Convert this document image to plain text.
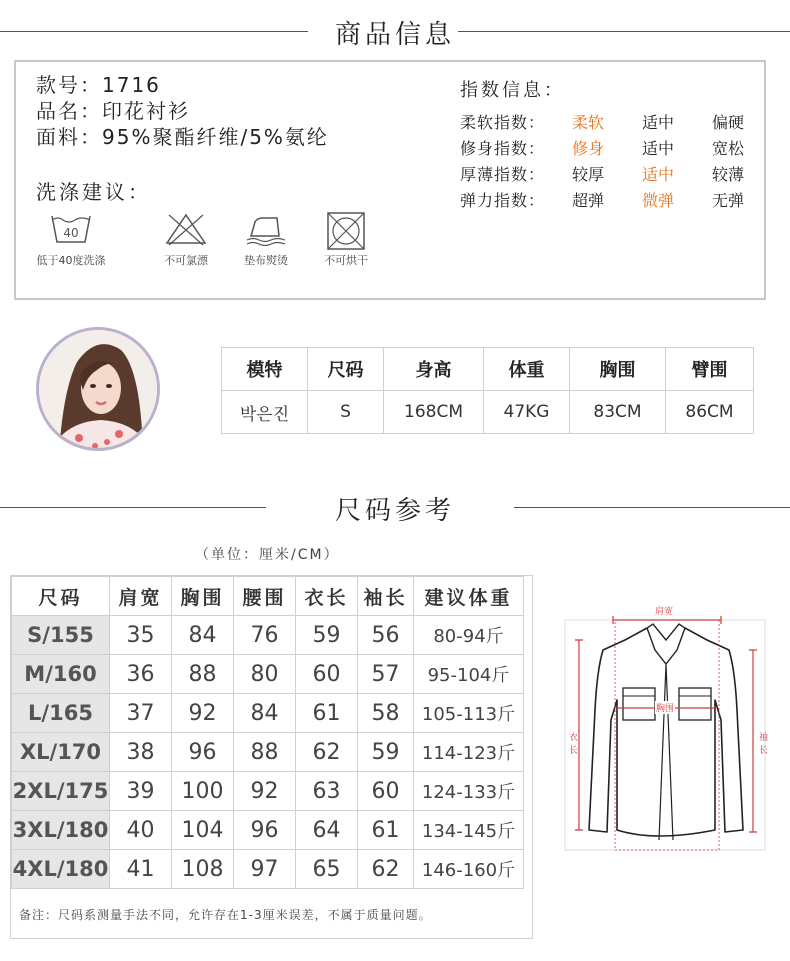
商品信息
款号：1716
品名：印花衬衫
面料：95%聚酯纤维/5%氨纶
洗涤建议：
40
低于40度洗涤	不可氯漂	垫布熨烫	不可烘干
指数信息：
柔软指数：	柔软	适中	偏硬
修身指数：	修身	适中	宽松
厚薄指数：	较厚	适中	较薄
弹力指数：	超弹	微弹	无弹
模特	尺码	身高	体重	胸围	臂围
박은진	S	168CM	47KG	83CM	86CM
尺码参考
（单位：厘米/CM）
尺码	肩宽	胸围	腰围	衣长	袖长	建议体重
S/155	35	84	76	59	56	80-94斤
M/160	36	88	80	60	57	95-104斤
L/165	37	92	84	61	58	105-113斤
XL/170	38	96	88	62	59	114-123斤
2XL/175	39	100	92	63	60	124-133斤
3XL/180	40	104	96	64	61	134-145斤
4XL/180	41	108	97	65	62	146-160斤
备注：尺码系测量手法不同，允许存在1-3厘米误差，不属于质量问题。
肩宽
胸围
衣
长
袖
长
